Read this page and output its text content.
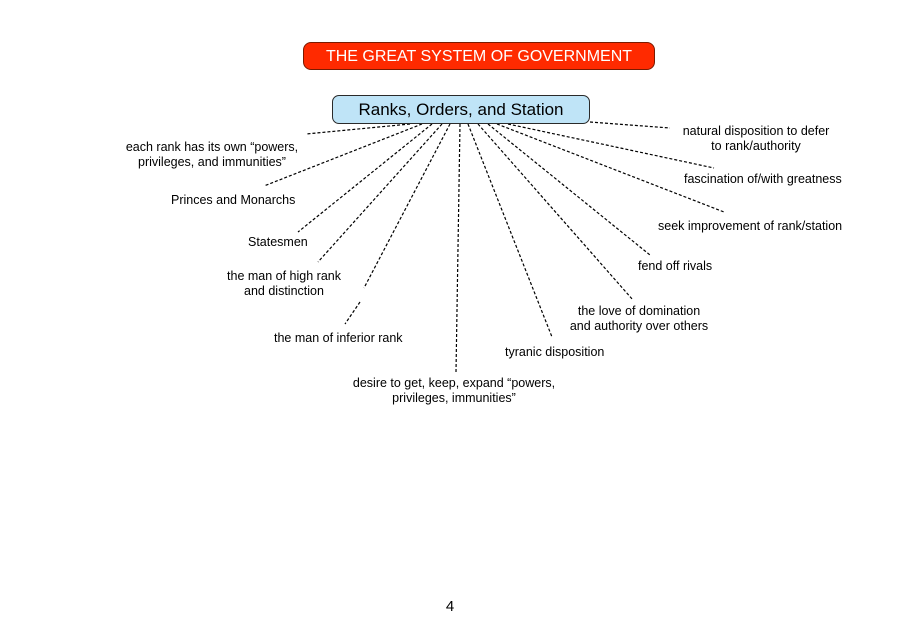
THE GREAT SYSTEM OF GOVERNMENT
Ranks, Orders, and Station
each rank has its own “powers,
privileges, and immunities”
Princes and Monarchs
Statesmen
the man of high rank
and distinction
the man of inferior rank
desire to get, keep, expand “powers,
privileges, immunities”
tyranic disposition
the love of domination
and authority over others
fend off rivals
seek improvement of rank/station
fascination of/with greatness
natural disposition to defer
to rank/authority
4
